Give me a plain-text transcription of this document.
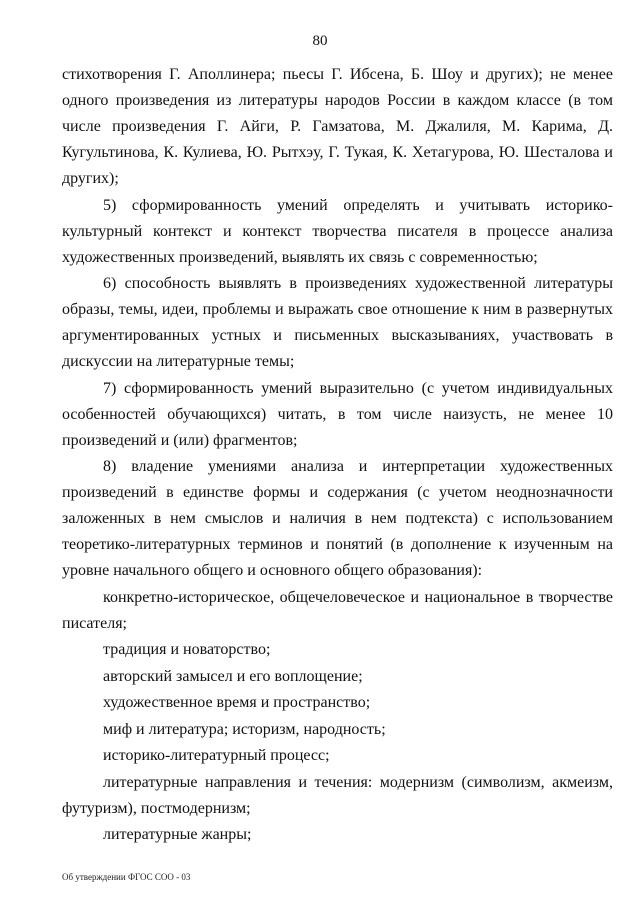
80

стихотворения Г. Аполлинера; пьесы Г. Ибсена, Б. Шоу и других); не менее одного произведения из литературы народов России в каждом классе (в том числе произведения Г. Айги, Р. Гамзатова, М. Джалиля, М. Карима, Д. Кугультинова, К. Кулиева, Ю. Рытхэу, Г. Тукая, К. Хетагурова, Ю. Шесталова и других);

5) сформированность умений определять и учитывать историко-культурный контекст и контекст творчества писателя в процессе анализа художественных произведений, выявлять их связь с современностью;

6) способность выявлять в произведениях художественной литературы образы, темы, идеи, проблемы и выражать свое отношение к ним в развернутых аргументированных устных и письменных высказываниях, участвовать в дискуссии на литературные темы;

7) сформированность умений выразительно (с учетом индивидуальных особенностей обучающихся) читать, в том числе наизусть, не менее 10 произведений и (или) фрагментов;

8) владение умениями анализа и интерпретации художественных произведений в единстве формы и содержания (с учетом неоднозначности заложенных в нем смыслов и наличия в нем подтекста) с использованием теоретико-литературных терминов и понятий (в дополнение к изученным на уровне начального общего и основного общего образования):

конкретно-историческое, общечеловеческое и национальное в творчестве писателя;

традиция и новаторство;

авторский замысел и его воплощение;

художественное время и пространство;

миф и литература; историзм, народность;

историко-литературный процесс;

литературные направления и течения: модернизм (символизм, акмеизм, футуризм), постмодернизм;

литературные жанры;

Об утверждении ФГОС СОО - 03
